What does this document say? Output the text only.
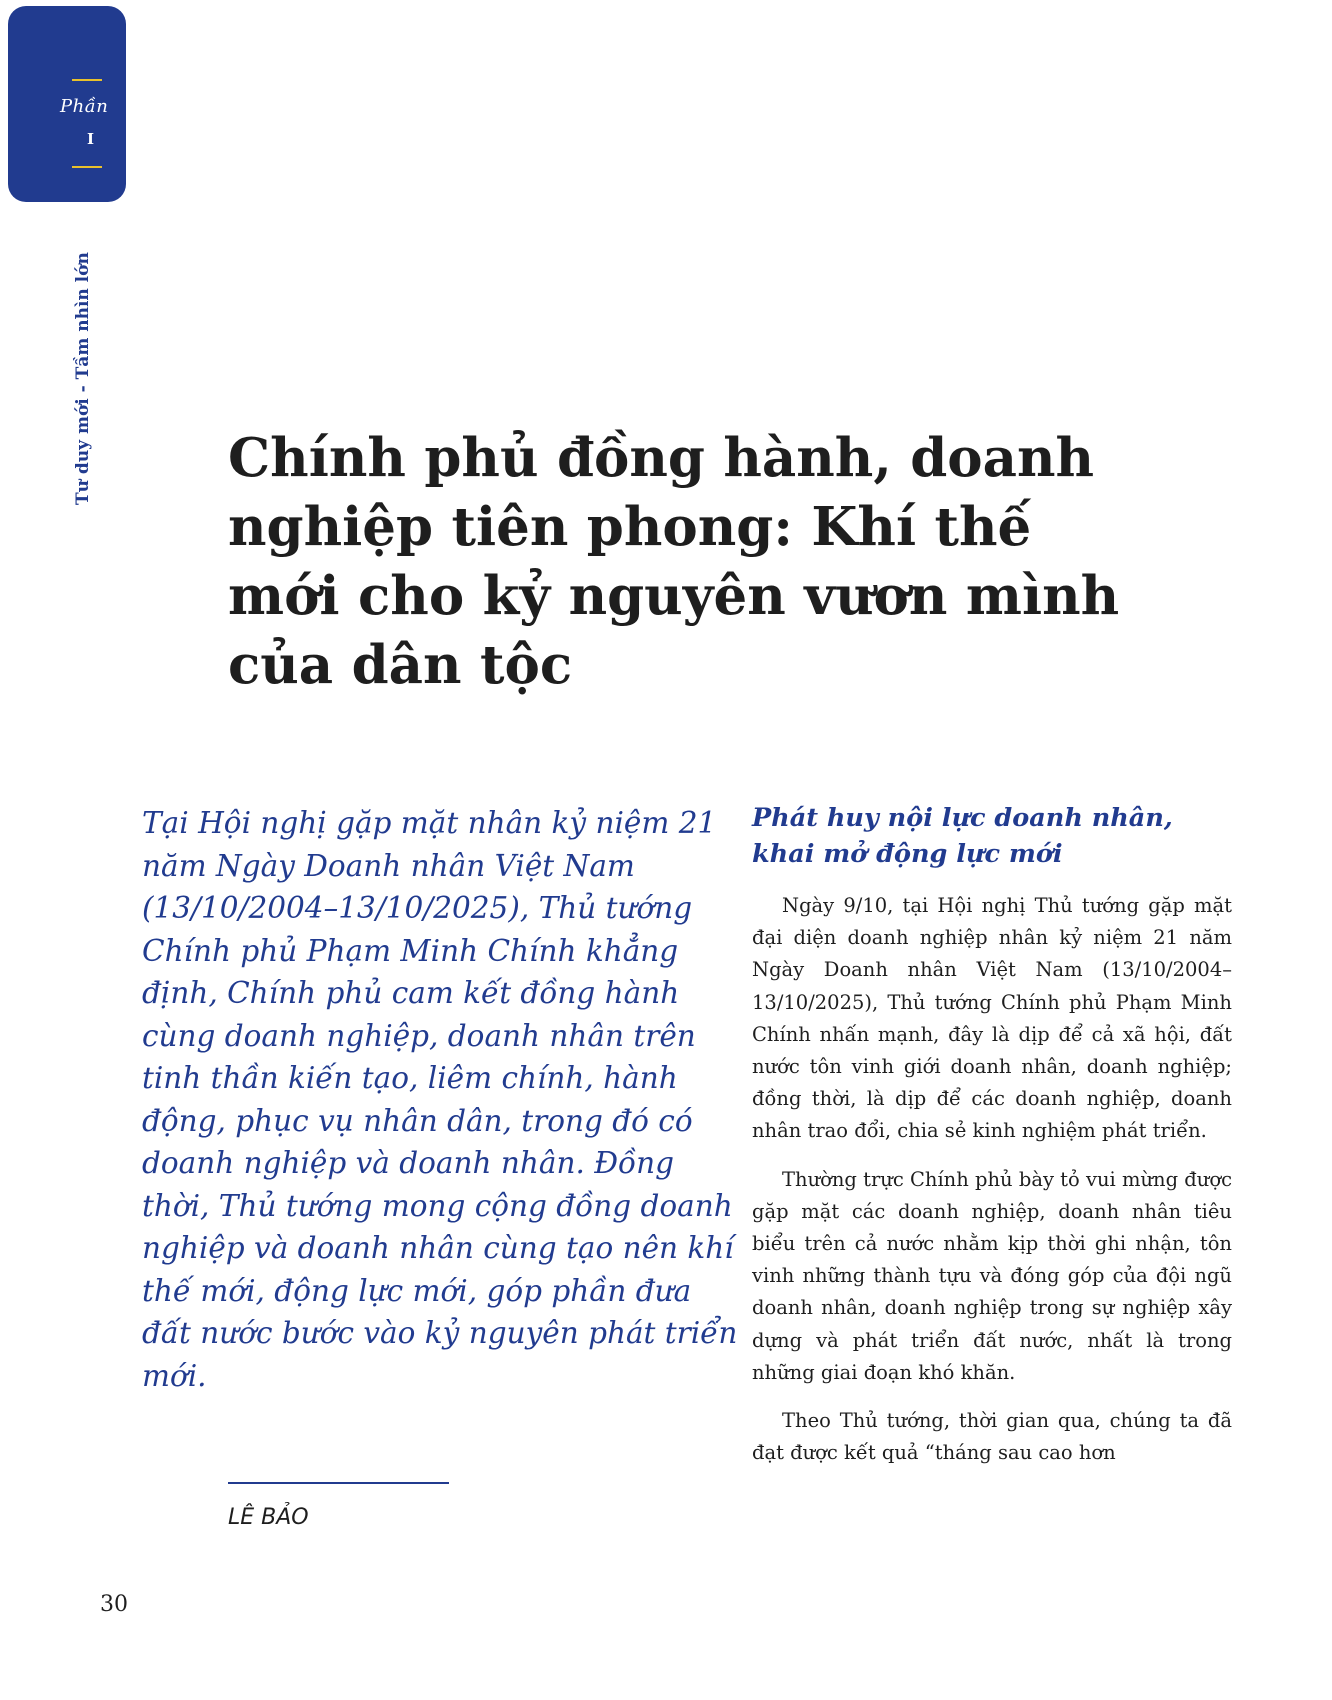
Phần
I
Tư duy mới - Tầm nhìn lớn	Chính phủ đồng hành, doanh nghiệp tiên phong: Khí thế mới cho kỷ nguyên vươn mình của dân tộc

Tại Hội nghị gặp mặt nhân kỷ niệm 21 năm Ngày Doanh nhân Việt Nam (13/10/2004–13/10/2025), Thủ tướng Chính phủ Phạm Minh Chính khẳng định, Chính phủ cam kết đồng hành cùng doanh nghiệp, doanh nhân trên tinh thần kiến tạo, liêm chính, hành động, phục vụ nhân dân, trong đó có doanh nghiệp và doanh nhân. Đồng thời, Thủ tướng mong cộng đồng doanh nghiệp và doanh nhân cùng tạo nên khí thế mới, động lực mới, góp phần đưa đất nước bước vào kỷ nguyên phát triển mới.

LÊ BẢO

Phát huy nội lực doanh nhân, khai mở động lực mới

Ngày 9/10, tại Hội nghị Thủ tướng gặp mặt đại diện doanh nghiệp nhân kỷ niệm 21 năm Ngày Doanh nhân Việt Nam (13/10/2004–13/10/2025), Thủ tướng Chính phủ Phạm Minh Chính nhấn mạnh, đây là dịp để cả xã hội, đất nước tôn vinh giới doanh nhân, doanh nghiệp; đồng thời, là dịp để các doanh nghiệp, doanh nhân trao đổi, chia sẻ kinh nghiệm phát triển.

Thường trực Chính phủ bày tỏ vui mừng được gặp mặt các doanh nghiệp, doanh nhân tiêu biểu trên cả nước nhằm kịp thời ghi nhận, tôn vinh những thành tựu và đóng góp của đội ngũ doanh nhân, doanh nghiệp trong sự nghiệp xây dựng và phát triển đất nước, nhất là trong những giai đoạn khó khăn.

Theo Thủ tướng, thời gian qua, chúng ta đã đạt được kết quả “tháng sau cao hơn

30
